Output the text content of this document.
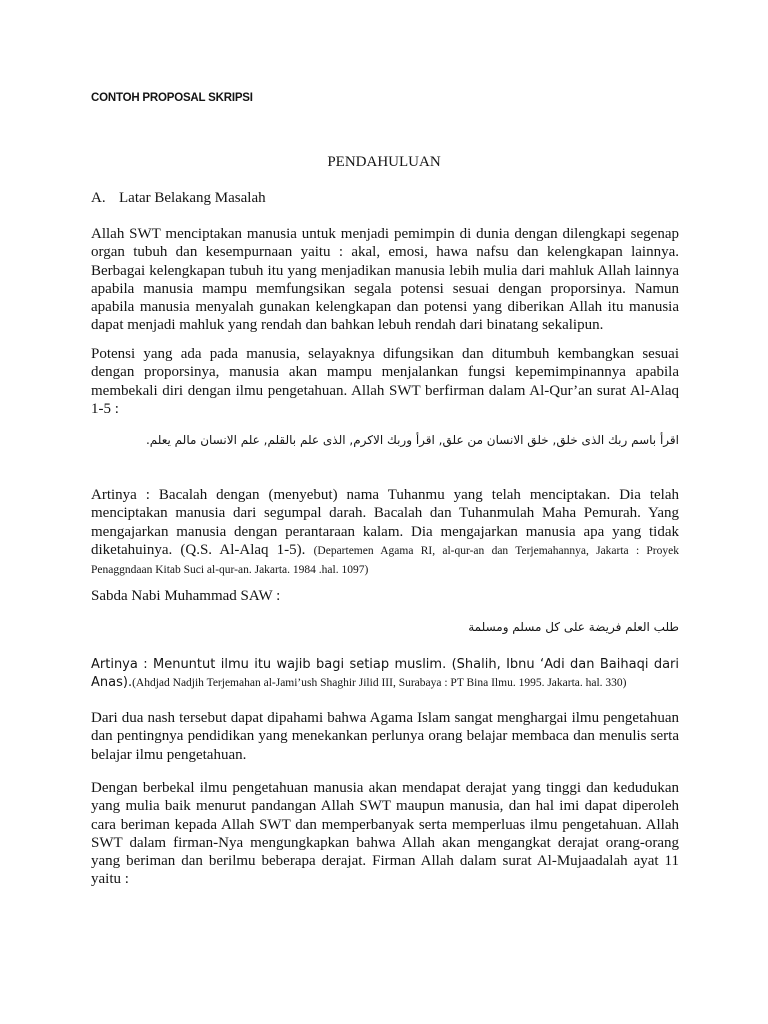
CONTOH PROPOSAL SKRIPSI

PENDAHULUAN

A. Latar Belakang Masalah

Allah SWT menciptakan manusia untuk menjadi pemimpin di dunia dengan dilengkapi segenap organ tubuh dan kesempurnaan yaitu : akal, emosi, hawa nafsu dan kelengkapan lainnya. Berbagai kelengkapan tubuh itu yang menjadikan manusia lebih mulia dari mahluk Allah lainnya apabila manusia mampu memfungsikan segala potensi sesuai dengan proporsinya. Namun apabila manusia menyalah gunakan kelengkapan dan potensi yang diberikan Allah itu manusia dapat menjadi mahluk yang rendah dan bahkan lebuh rendah dari binatang sekalipun.

Potensi yang ada pada manusia, selayaknya difungsikan dan ditumbuh kembangkan sesuai dengan proporsinya, manusia akan mampu menjalankan fungsi kepemimpinannya apabila membekali diri dengan ilmu pengetahuan. Allah SWT berfirman dalam Al-Qur’an surat Al-Alaq 1-5 :

اقرأ باسم ربك الذى خلق, خلق الانسان من علق, اقرأ وربك الاكرم, الذى علم بالقلم, علم الانسان مالم يعلم.

Artinya : Bacalah dengan (menyebut) nama Tuhanmu yang telah menciptakan. Dia telah menciptakan manusia dari segumpal darah. Bacalah dan Tuhanmulah Maha Pemurah. Yang mengajarkan manusia dengan perantaraan kalam. Dia mengajarkan manusia apa yang tidak diketahuinya. (Q.S. Al-Alaq 1-5). (Departemen Agama RI, al-qur-an dan Terjemahannya, Jakarta : Proyek Penaggndaan Kitab Suci al-qur-an. Jakarta. 1984 .hal. 1097)

Sabda Nabi Muhammad SAW :

طلب العلم فريضة على كل مسلم ومسلمة

Artinya : Menuntut ilmu itu wajib bagi setiap muslim. (Shalih, Ibnu ‘Adi dan Baihaqi dari Anas).(Ahdjad Nadjih Terjemahan al-Jami’ush Shaghir Jilid III, Surabaya : PT Bina Ilmu. 1995. Jakarta. hal. 330)

Dari dua nash tersebut dapat dipahami bahwa Agama Islam sangat menghargai ilmu pengetahuan dan pentingnya pendidikan yang menekankan perlunya orang belajar membaca dan menulis serta belajar ilmu pengetahuan.

Dengan berbekal ilmu pengetahuan manusia akan mendapat derajat yang tinggi dan kedudukan yang mulia baik menurut pandangan Allah SWT maupun manusia, dan hal imi dapat diperoleh cara beriman kepada Allah SWT dan memperbanyak serta memperluas ilmu pengetahuan. Allah SWT dalam firman-Nya mengungkapkan bahwa Allah akan mengangkat derajat orang-orang yang beriman dan berilmu beberapa derajat. Firman Allah dalam surat Al-Mujaadalah ayat 11 yaitu :
